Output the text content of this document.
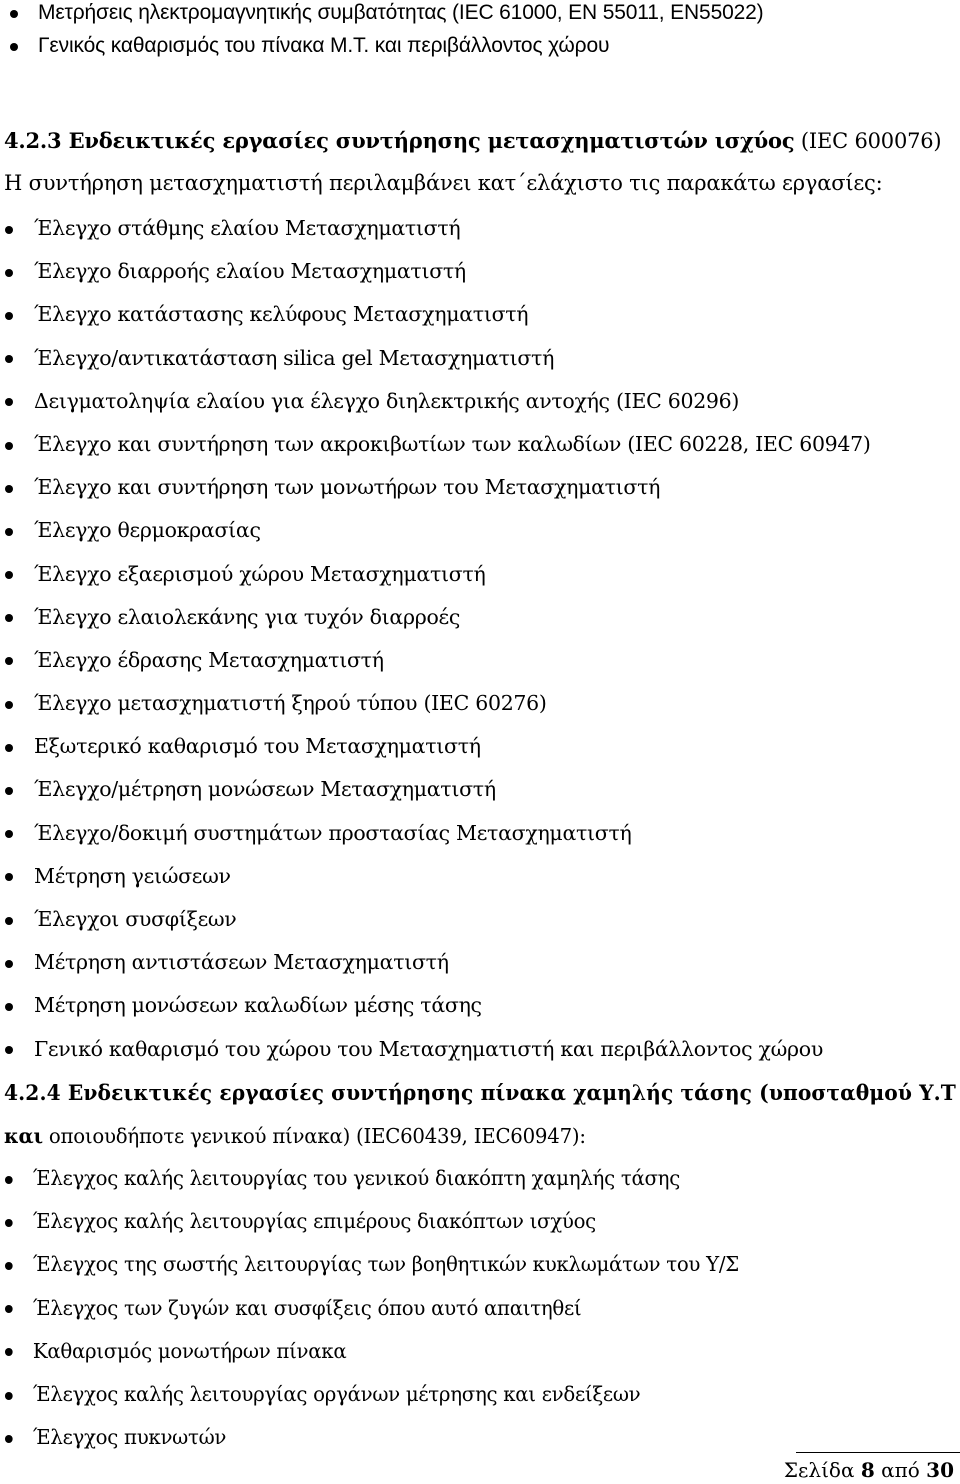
Μετρήσεις ηλεκτρομαγνητικής συμβατότητας (IEC 61000, EN 55011, EN55022)
Γενικός καθαρισμός του πίνακα Μ.Τ. και περιβάλλοντος χώρου
4.2.3 Ενδεικτικές εργασίες συντήρησης μετασχηματιστών ισχύος (IEC 600076)
Η συντήρηση μετασχηματιστή περιλαμβάνει κατ΄ελάχιστο τις παρακάτω εργασίες:
Έλεγχο στάθμης ελαίου Μετασχηματιστή
Έλεγχο διαρροής ελαίου Μετασχηματιστή
Έλεγχο κατάστασης κελύφους Μετασχηματιστή
Έλεγχο/αντικατάσταση silica gel Μετασχηματιστή
Δειγματοληψία ελαίου για έλεγχο διηλεκτρικής αντοχής (IEC 60296)
Έλεγχο και συντήρηση των ακροκιβωτίων των καλωδίων (IEC 60228, IEC 60947)
Έλεγχο και συντήρηση των μονωτήρων του Μετασχηματιστή
Έλεγχο θερμοκρασίας
Έλεγχο εξαερισμού χώρου Μετασχηματιστή
Έλεγχο ελαιολεκάνης για τυχόν διαρροές
Έλεγχο έδρασης Μετασχηματιστή
Έλεγχο μετασχηματιστή ξηρού τύπου (IEC 60276)
Εξωτερικό καθαρισμό του Μετασχηματιστή
Έλεγχο/μέτρηση μονώσεων Μετασχηματιστή
Έλεγχο/δοκιμή συστημάτων προστασίας Μετασχηματιστή
Μέτρηση γειώσεων
Έλεγχοι συσφίξεων
Μέτρηση αντιστάσεων Μετασχηματιστή
Μέτρηση μονώσεων καλωδίων μέσης τάσης
Γενικό καθαρισμό του χώρου του Μετασχηματιστή και περιβάλλοντος χώρου
4.2.4 Ενδεικτικές εργασίες συντήρησης πίνακα χαμηλής τάσης (υποσταθμού Υ.Τ
και οποιουδήποτε γενικού πίνακα) (IEC60439, IEC60947):
Έλεγχος καλής λειτουργίας του γενικού διακόπτη χαμηλής τάσης
Έλεγχος καλής λειτουργίας επιμέρους διακόπτων ισχύος
Έλεγχος της σωστής λειτουργίας των βοηθητικών κυκλωμάτων του Υ/Σ
Έλεγχος των ζυγών και συσφίξεις όπου αυτό απαιτηθεί
Καθαρισμός μονωτήρων πίνακα
Έλεγχος καλής λειτουργίας οργάνων μέτρησης και ενδείξεων
Έλεγχος πυκνωτών
Σελίδα 8 από 30
